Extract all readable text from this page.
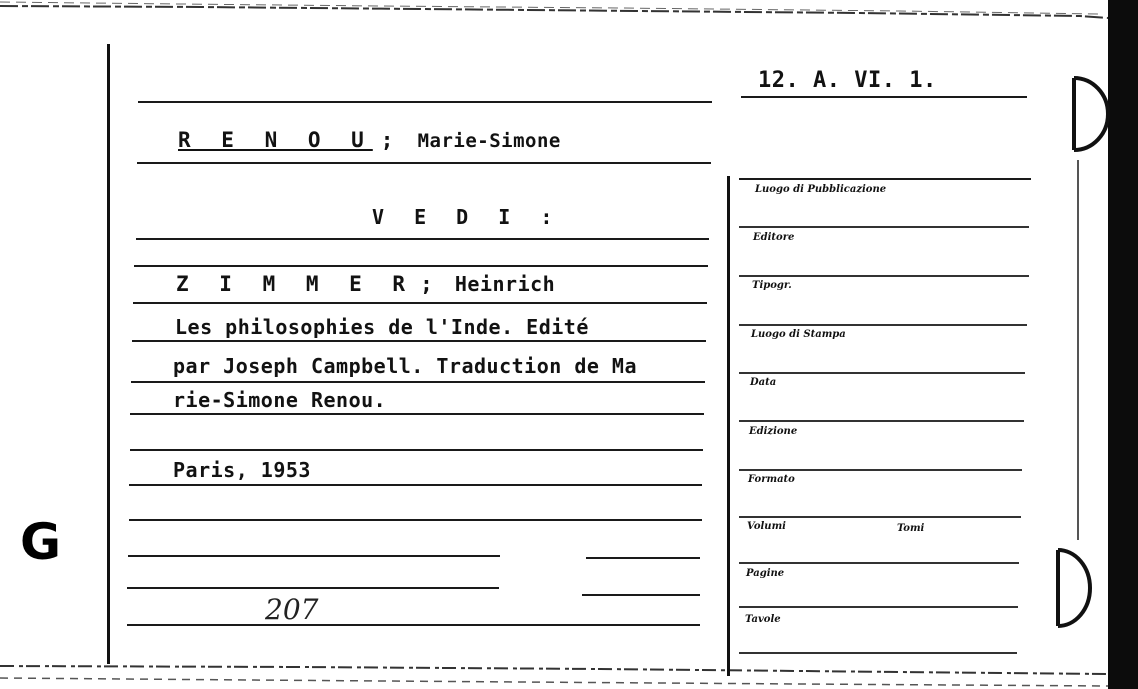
12. A. VI. 1.
R E N O U ; Marie-Simone
V E D I :
Z I M M E R ; Heinrich
Les philosophies de l'Inde. Edité
par Joseph Campbell. Traduction de Ma
rie-Simone Renou.
Paris, 1953
207
G
Luogo di Pubblicazione
Editore
Tipogr.
Luogo di Stampa
Data
Edizione
Formato
Volumi	Tomi
Pagine
Tavole
